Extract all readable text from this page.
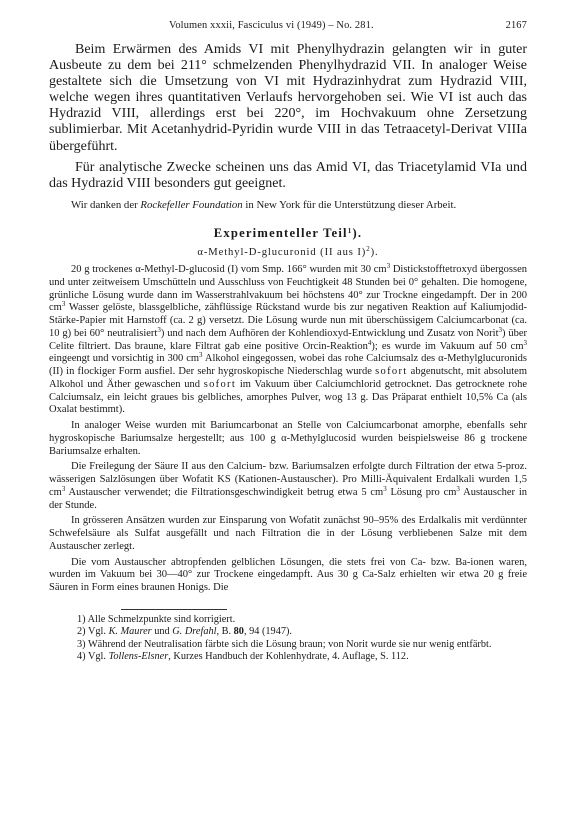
Volumen xxxii, Fasciculus vi (1949) – No. 281.	2167

Beim Erwärmen des Amids VI mit Phenylhydrazin gelangten wir in guter Ausbeute zu dem bei 211° schmelzenden Phenylhydrazid VII. In analoger Weise gestaltete sich die Umsetzung von VI mit Hydrazinhydrat zum Hydrazid VIII, welche wegen ihres quantitativen Verlaufs hervorgehoben sei. Wie VI ist auch das Hydrazid VIII, allerdings erst bei 220°, im Hochvakuum ohne Zersetzung sublimierbar. Mit Acetanhydrid-Pyridin wurde VIII in das Tetraacetyl-Derivat VIIIa übergeführt.

Für analytische Zwecke scheinen uns das Amid VI, das Triacetylamid VIa und das Hydrazid VIII besonders gut geeignet.

Wir danken der Rockefeller Foundation in New York für die Unterstützung dieser Arbeit.

Experimenteller Teil$^1$).
α-Methyl-D-glucuronid (II aus I)$^2$).

20 g trockenes α-Methyl-D-glucosid (I) vom Smp. 166° wurden mit 30 $cm^3$ Distickstofftetroxyd übergossen und unter zeitweisem Umschütteln und Ausschluss von Feuchtigkeit 48 Stunden bei 0° gehalten. Die homogene, grünliche Lösung wurde dann im Wasserstrahlvakuum bei höchstens 40° zur Trockne eingedampft. Der in 200 $cm^3$ Wasser gelöste, blassgelbliche, zähflüssige Rückstand wurde bis zur negativen Reaktion auf Kaliumjodid-Stärke-Papier mit Harnstoff (ca. 2 g) versetzt. Die Lösung wurde nun mit überschüssigem Calciumcarbonat (ca. 10 g) bei 60° neutralisiert$^3$) und nach dem Aufhören der Kohlendioxyd-Entwicklung und Zusatz von Norit$^3$) über Celite filtriert. Das braune, klare Filtrat gab eine positive Orcin-Reaktion$^4$); es wurde im Vakuum auf 50 $cm^3$ eingeengt und vorsichtig in 300 $cm^3$ Alkohol eingegossen, wobei das rohe Calciumsalz des α-Methylglucuronids (II) in flockiger Form ausfiel. Der sehr hygroskopische Niederschlag wurde sofort abgenutscht, mit absolutem Alkohol und Äther gewaschen und sofort im Vakuum über Calciumchlorid getrocknet. Das getrocknete rohe Calciumsalz, ein leicht graues bis gelbliches, amorphes Pulver, wog 13 g. Das Präparat enthielt 10,5% Ca (als Oxalat bestimmt).

In analoger Weise wurden mit Bariumcarbonat an Stelle von Calciumcarbonat amorphe, ebenfalls sehr hygroskopische Bariumsalze hergestellt; aus 100 g α-Methylglucosid wurden beispielsweise 86 g trockene Bariumsalze erhalten.

Die Freilegung der Säure II aus den Calcium- bzw. Bariumsalzen erfolgte durch Filtration der etwa 5-proz. wässerigen Salzlösungen über Wofatit KS (Kationen-Austauscher). Pro Milli-Äquivalent Erdalkali wurden 1,5 $cm^3$ Austauscher verwendet; die Filtrationsgeschwindigkeit betrug etwa 5 $cm^3$ Lösung pro $cm^3$ Austauscher in der Stunde.

In grösseren Ansätzen wurden zur Einsparung von Wofatit zunächst 90–95% des Erdalkalis mit verdünnter Schwefelsäure als Sulfat ausgefällt und nach Filtration die in der Lösung verbliebenen Salze mit dem Austauscher zerlegt.

Die vom Austauscher abtropfenden gelblichen Lösungen, die stets frei von Ca- bzw. Ba-ionen waren, wurden im Vakuum bei 30—40° zur Trockene eingedampft. Aus 30 g Ca-Salz erhielten wir etwa 20 g freie Säuren in Form eines braunen Honigs. Die

1) Alle Schmelzpunkte sind korrigiert.

2) Vgl. K. Maurer und G. Drefahl, B. 80, 94 (1947).

3) Während der Neutralisation färbte sich die Lösung braun; von Norit wurde sie nur wenig entfärbt.

4) Vgl. Tollens-Elsner, Kurzes Handbuch der Kohlenhydrate, 4. Auflage, S. 112.
